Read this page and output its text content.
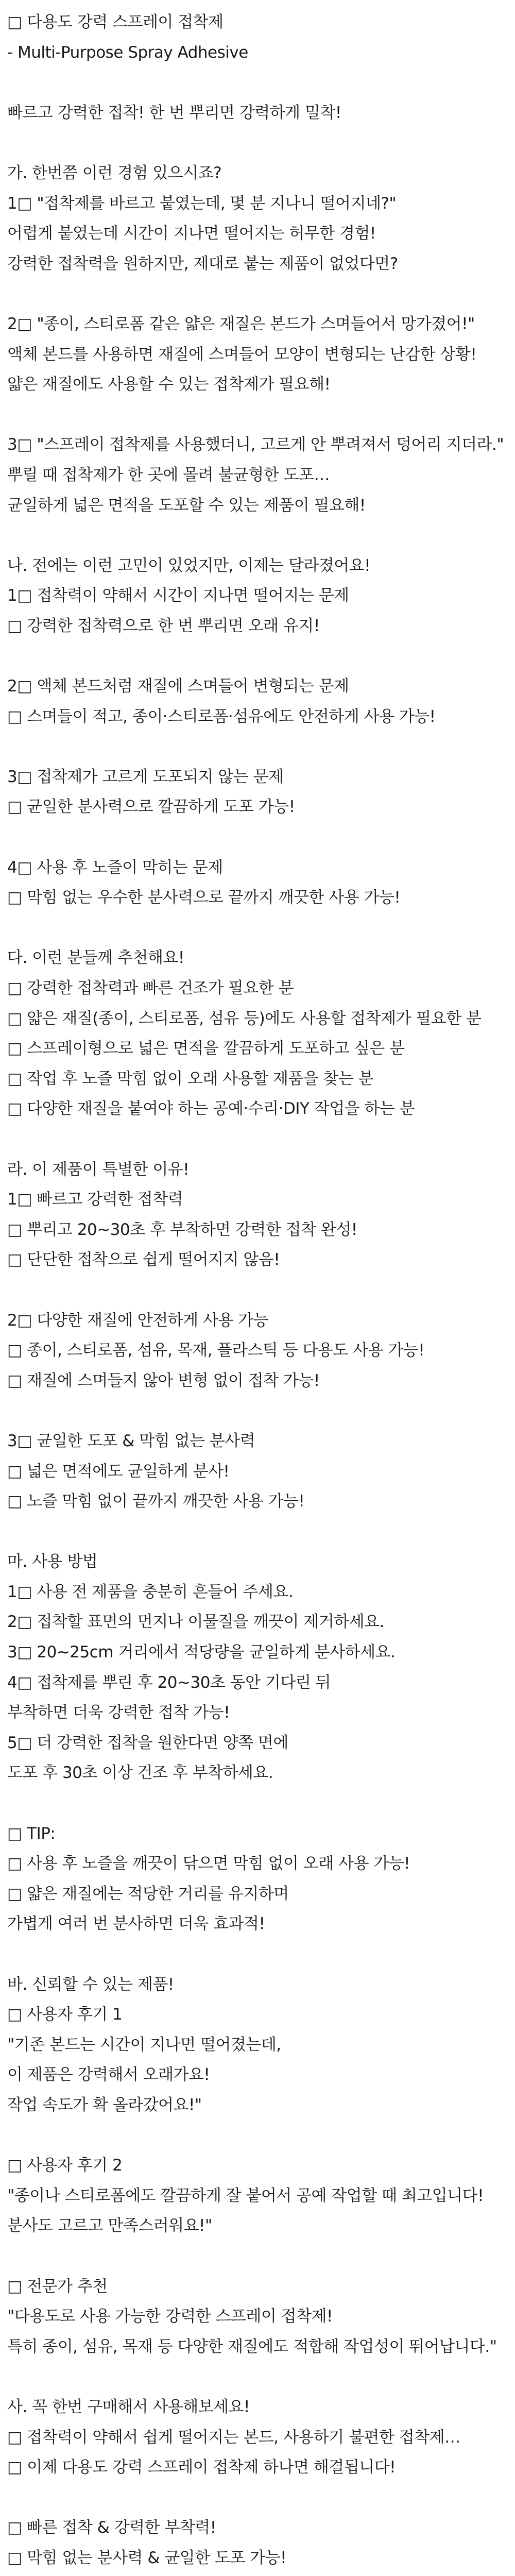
□ 다용도 강력 스프레이 접착제
- Multi-Purpose Spray Adhesive
빠르고 강력한 접착! 한 번 뿌리면 강력하게 밀착!
가. 한번쯤 이런 경험 있으시죠?
1□ "접착제를 바르고 붙였는데, 몇 분 지나니 떨어지네?"
어렵게 붙였는데 시간이 지나면 떨어지는 허무한 경험!
강력한 접착력을 원하지만, 제대로 붙는 제품이 없었다면?
2□ "종이, 스티로폼 같은 얇은 재질은 본드가 스며들어서 망가졌어!"
액체 본드를 사용하면 재질에 스며들어 모양이 변형되는 난감한 상황!
얇은 재질에도 사용할 수 있는 접착제가 필요해!
3□ "스프레이 접착제를 사용했더니, 고르게 안 뿌려져서 덩어리 지더라."
뿌릴 때 접착제가 한 곳에 몰려 불균형한 도포…
균일하게 넓은 면적을 도포할 수 있는 제품이 필요해!
나. 전에는 이런 고민이 있었지만, 이제는 달라졌어요!
1□ 접착력이 약해서 시간이 지나면 떨어지는 문제
□ 강력한 접착력으로 한 번 뿌리면 오래 유지!
2□ 액체 본드처럼 재질에 스며들어 변형되는 문제
□ 스며들이 적고, 종이·스티로폼·섬유에도 안전하게 사용 가능!
3□ 접착제가 고르게 도포되지 않는 문제
□ 균일한 분사력으로 깔끔하게 도포 가능!
4□ 사용 후 노즐이 막히는 문제
□ 막힘 없는 우수한 분사력으로 끝까지 깨끗한 사용 가능!
다. 이런 분들께 추천해요!
□ 강력한 접착력과 빠른 건조가 필요한 분
□ 얇은 재질(종이, 스티로폼, 섬유 등)에도 사용할 접착제가 필요한 분
□ 스프레이형으로 넓은 면적을 깔끔하게 도포하고 싶은 분
□ 작업 후 노즐 막힘 없이 오래 사용할 제품을 찾는 분
□ 다양한 재질을 붙여야 하는 공예·수리·DIY 작업을 하는 분
라. 이 제품이 특별한 이유!
1□ 빠르고 강력한 접착력
□ 뿌리고 20~30초 후 부착하면 강력한 접착 완성!
□ 단단한 접착으로 쉽게 떨어지지 않음!
2□ 다양한 재질에 안전하게 사용 가능
□ 종이, 스티로폼, 섬유, 목재, 플라스틱 등 다용도 사용 가능!
□ 재질에 스며들지 않아 변형 없이 접착 가능!
3□ 균일한 도포 & 막힘 없는 분사력
□ 넓은 면적에도 균일하게 분사!
□ 노즐 막힘 없이 끝까지 깨끗한 사용 가능!
마. 사용 방법
1□ 사용 전 제품을 충분히 흔들어 주세요.
2□ 접착할 표면의 먼지나 이물질을 깨끗이 제거하세요.
3□ 20~25cm 거리에서 적당량을 균일하게 분사하세요.
4□ 접착제를 뿌린 후 20~30초 동안 기다린 뒤
부착하면 더욱 강력한 접착 가능!
5□ 더 강력한 접착을 원한다면 양쪽 면에
도포 후 30초 이상 건조 후 부착하세요.
□ TIP:
□ 사용 후 노즐을 깨끗이 닦으면 막힘 없이 오래 사용 가능!
□ 얇은 재질에는 적당한 거리를 유지하며
가볍게 여러 번 분사하면 더욱 효과적!
바. 신뢰할 수 있는 제품!
□ 사용자 후기 1
"기존 본드는 시간이 지나면 떨어졌는데,
이 제품은 강력해서 오래가요!
작업 속도가 확 올라갔어요!"
□ 사용자 후기 2
"종이나 스티로폼에도 깔끔하게 잘 붙어서 공예 작업할 때 최고입니다!
분사도 고르고 만족스러워요!"
□ 전문가 추천
"다용도로 사용 가능한 강력한 스프레이 접착제!
특히 종이, 섬유, 목재 등 다양한 재질에도 적합해 작업성이 뛰어납니다."
사. 꼭 한번 구매해서 사용해보세요!
□ 접착력이 약해서 쉽게 떨어지는 본드, 사용하기 불편한 접착제…
□ 이제 다용도 강력 스프레이 접착제 하나면 해결됩니다!
□ 빠른 접착 & 강력한 부착력!
□ 막힘 없는 분사력 & 균일한 도포 가능!
